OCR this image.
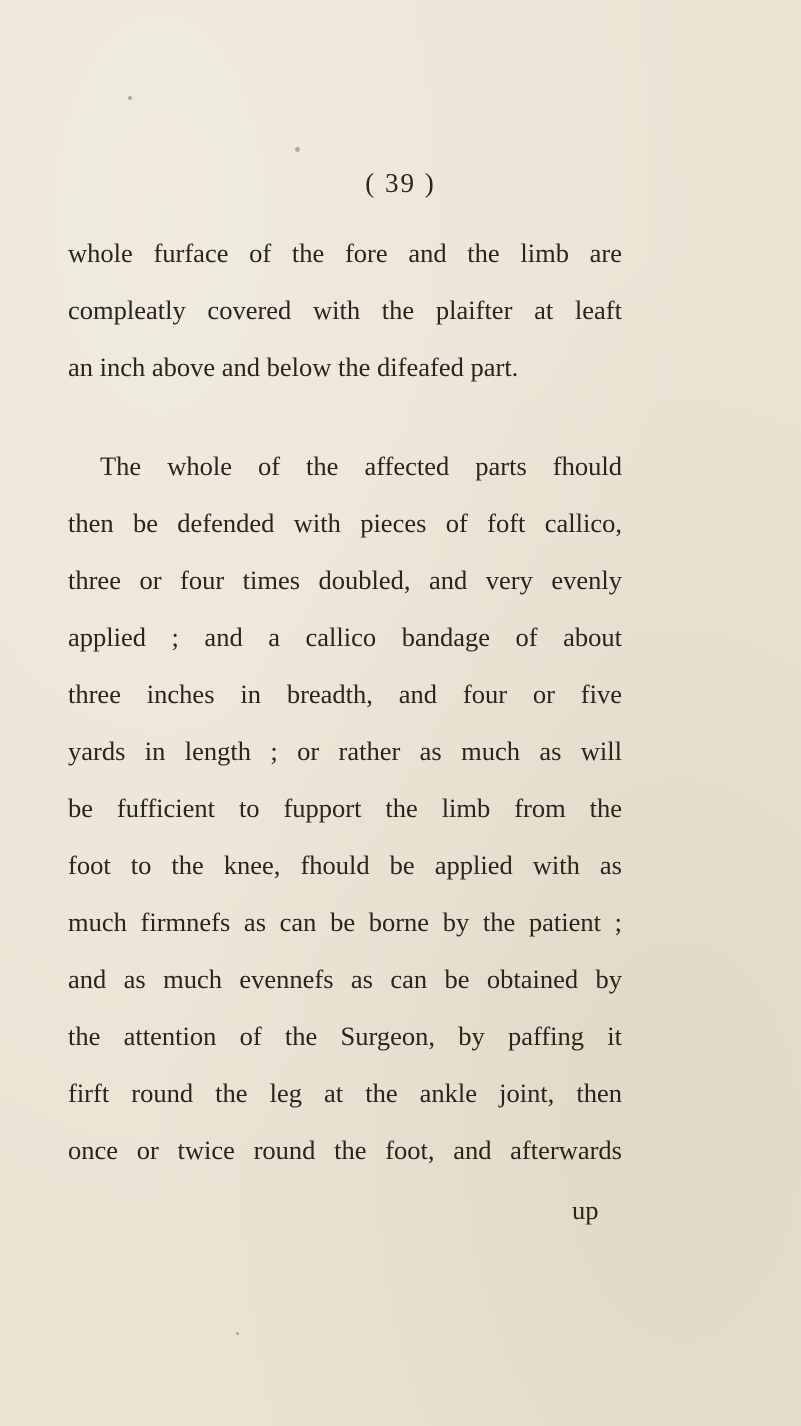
( 39 )
whole furface of the fore and the limb are
compleatly covered with the plaifter at leaft
an inch above and below the difeafed part.
The whole of the affected parts fhould
then be defended with pieces of foft callico,
three or four times doubled, and very evenly
applied ; and a callico bandage of about
three inches in breadth, and four or five
yards in length ; or rather as much as will
be fufficient to fupport the limb from the
foot to the knee, fhould be applied with as
much firmnefs as can be borne by the patient ;
and as much evennefs as can be obtained by
the attention of the Surgeon, by paffing it
firft round the leg at the ankle joint, then
once or twice round the foot, and afterwards
up
